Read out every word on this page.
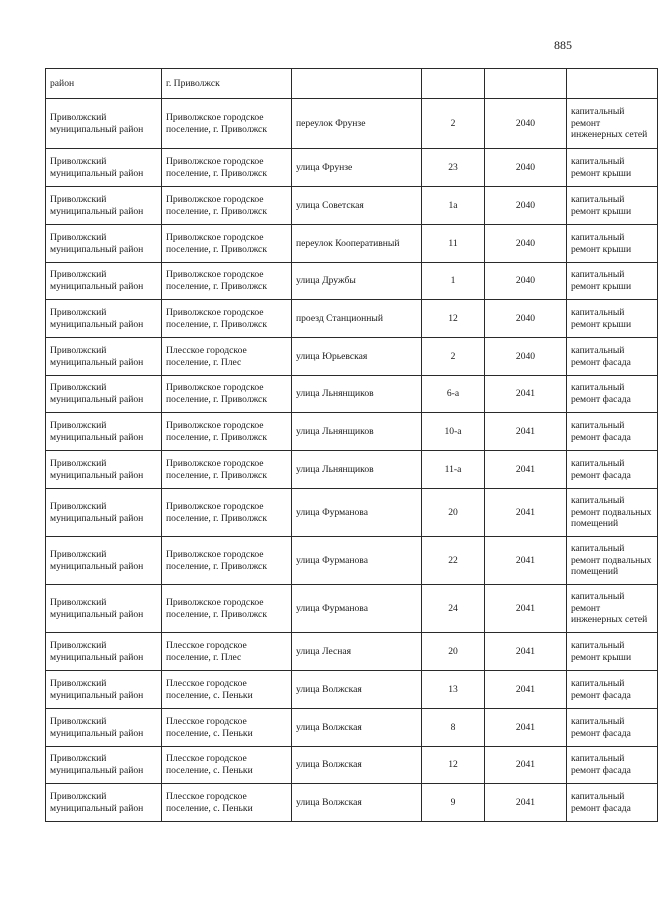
885
район	г. Приволжск				
Приволжский муниципальный район	Приволжское городское поселение, г. Приволжск	переулок Фрунзе	2	2040	капитальный ремонт инженерных сетей
Приволжский муниципальный район	Приволжское городское поселение, г. Приволжск	улица Фрунзе	23	2040	капитальный ремонт крыши
Приволжский муниципальный район	Приволжское городское поселение, г. Приволжск	улица Советская	1а	2040	капитальный ремонт крыши
Приволжский муниципальный район	Приволжское городское поселение, г. Приволжск	переулок Кооперативный	11	2040	капитальный ремонт крыши
Приволжский муниципальный район	Приволжское городское поселение, г. Приволжск	улица Дружбы	1	2040	капитальный ремонт крыши
Приволжский муниципальный район	Приволжское городское поселение, г. Приволжск	проезд Станционный	12	2040	капитальный ремонт крыши
Приволжский муниципальный район	Плесское городское поселение, г. Плес	улица Юрьевская	2	2040	капитальный ремонт фасада
Приволжский муниципальный район	Приволжское городское поселение, г. Приволжск	улица Льнянщиков	6-а	2041	капитальный ремонт фасада
Приволжский муниципальный район	Приволжское городское поселение, г. Приволжск	улица Льнянщиков	10-а	2041	капитальный ремонт фасада
Приволжский муниципальный район	Приволжское городское поселение, г. Приволжск	улица Льнянщиков	11-а	2041	капитальный ремонт фасада
Приволжский муниципальный район	Приволжское городское поселение, г. Приволжск	улица Фурманова	20	2041	капитальный ремонт подвальных помещений
Приволжский муниципальный район	Приволжское городское поселение, г. Приволжск	улица Фурманова	22	2041	капитальный ремонт подвальных помещений
Приволжский муниципальный район	Приволжское городское поселение, г. Приволжск	улица Фурманова	24	2041	капитальный ремонт инженерных сетей
Приволжский муниципальный район	Плесское городское поселение, г. Плес	улица Лесная	20	2041	капитальный ремонт крыши
Приволжский муниципальный район	Плесское городское поселение, с. Пеньки	улица Волжская	13	2041	капитальный ремонт фасада
Приволжский муниципальный район	Плесское городское поселение, с. Пеньки	улица Волжская	8	2041	капитальный ремонт фасада
Приволжский муниципальный район	Плесское городское поселение, с. Пеньки	улица Волжская	12	2041	капитальный ремонт фасада
Приволжский муниципальный район	Плесское городское поселение, с. Пеньки	улица Волжская	9	2041	капитальный ремонт фасада
